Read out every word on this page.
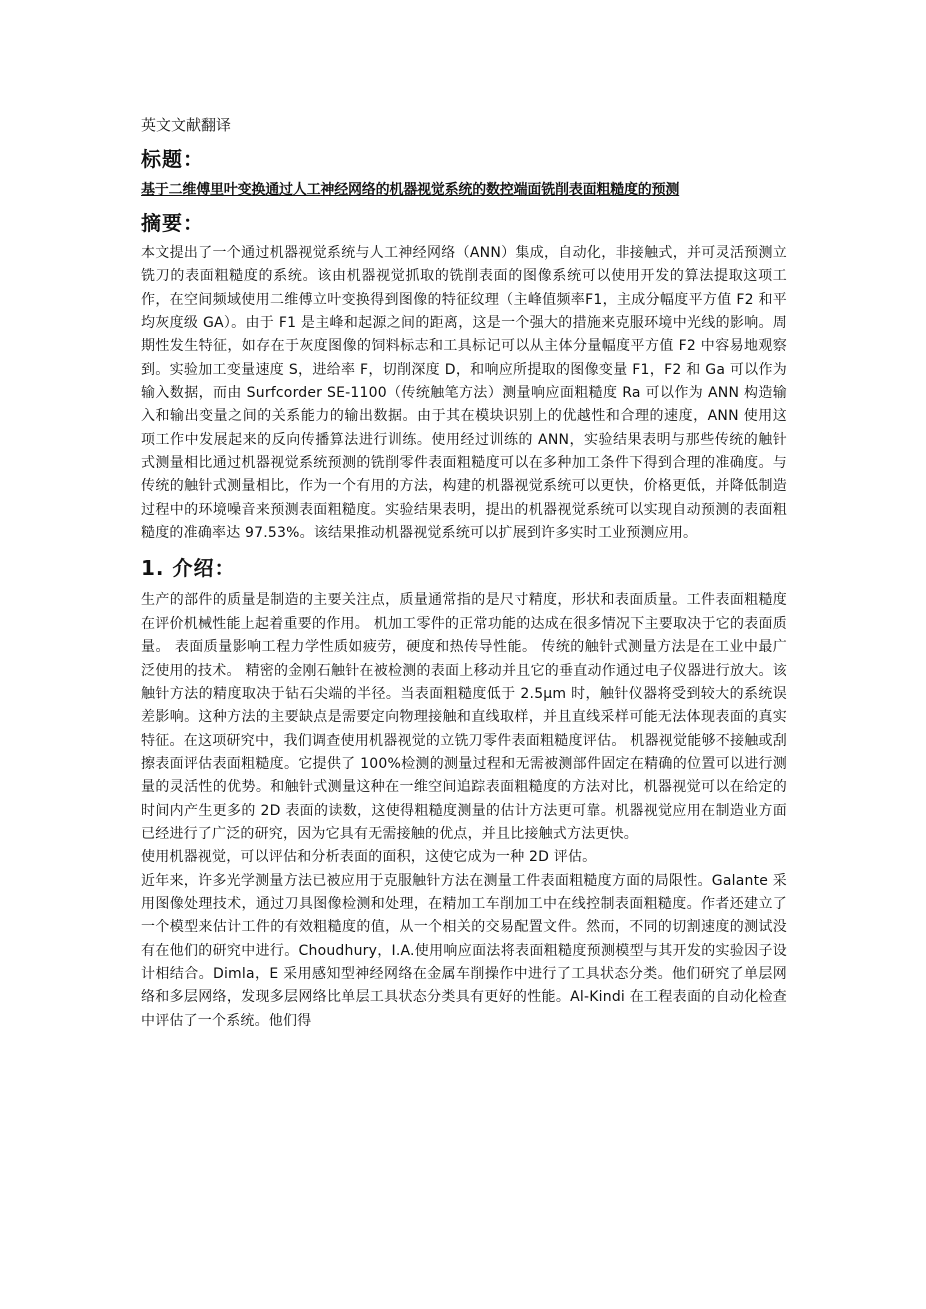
英文文献翻译

标题：

基于二维傅里叶变换通过人工神经网络的机器视觉系统的数控端面铣削表面粗糙度的预测

摘要：

本文提出了一个通过机器视觉系统与人工神经网络（ANN）集成，自动化，非接触式，并可灵活预测立铣刀的表面粗糙度的系统。该由机器视觉抓取的铣削表面的图像系统可以使用开发的算法提取这项工作，在空间频域使用二维傅立叶变换得到图像的特征纹理（主峰值频率F1，主成分幅度平方值 F2 和平均灰度级 GA）。由于 F1 是主峰和起源之间的距离，这是一个强大的措施来克服环境中光线的影响。周期性发生特征，如存在于灰度图像的饲料标志和工具标记可以从主体分量幅度平方值 F2 中容易地观察到。实验加工变量速度 S，进给率 F，切削深度 D，和响应所提取的图像变量 F1，F2 和 Ga 可以作为输入数据，而由 Surfcorder SE-1100（传统触笔方法）测量响应面粗糙度 Ra 可以作为 ANN 构造输入和输出变量之间的关系能力的输出数据。由于其在模块识别上的优越性和合理的速度，ANN 使用这项工作中发展起来的反向传播算法进行训练。使用经过训练的 ANN，实验结果表明与那些传统的触针式测量相比通过机器视觉系统预测的铣削零件表面粗糙度可以在多种加工条件下得到合理的准确度。与传统的触针式测量相比，作为一个有用的方法，构建的机器视觉系统可以更快，价格更低，并降低制造过程中的环境噪音来预测表面粗糙度。实验结果表明，提出的机器视觉系统可以实现自动预测的表面粗糙度的准确率达 97.53%。该结果推动机器视觉系统可以扩展到许多实时工业预测应用。

1. 介绍：

生产的部件的质量是制造的主要关注点，质量通常指的是尺寸精度，形状和表面质量。工件表面粗糙度在评价机械性能上起着重要的作用。 机加工零件的正常功能的达成在很多情况下主要取决于它的表面质量。 表面质量影响工程力学性质如疲劳，硬度和热传导性能。 传统的触针式测量方法是在工业中最广泛使用的技术。 精密的金刚石触针在被检测的表面上移动并且它的垂直动作通过电子仪器进行放大。该触针方法的精度取决于钻石尖端的半径。当表面粗糙度低于 2.5μm 时，触针仪器将受到较大的系统误差影响。这种方法的主要缺点是需要定向物理接触和直线取样，并且直线采样可能无法体现表面的真实特征。在这项研究中，我们调查使用机器视觉的立铣刀零件表面粗糙度评估。 机器视觉能够不接触或刮擦表面评估表面粗糙度。它提供了 100%检测的测量过程和无需被测部件固定在精确的位置可以进行测量的灵活性的优势。和触针式测量这种在一维空间追踪表面粗糙度的方法对比，机器视觉可以在给定的时间内产生更多的 2D 表面的读数，这使得粗糙度测量的估计方法更可靠。机器视觉应用在制造业方面已经进行了广泛的研究，因为它具有无需接触的优点，并且比接触式方法更快。

使用机器视觉，可以评估和分析表面的面积，这使它成为一种 2D 评估。

近年来，许多光学测量方法已被应用于克服触针方法在测量工件表面粗糙度方面的局限性。Galante 采用图像处理技术，通过刀具图像检测和处理，在精加工车削加工中在线控制表面粗糙度。作者还建立了一个模型来估计工件的有效粗糙度的值，从一个相关的交易配置文件。然而，不同的切割速度的测试没有在他们的研究中进行。Choudhury，I.A.使用响应面法将表面粗糙度预测模型与其开发的实验因子设计相结合。Dimla，E 采用感知型神经网络在金属车削操作中进行了工具状态分类。他们研究了单层网络和多层网络，发现多层网络比单层工具状态分类具有更好的性能。Al-Kindi 在工程表面的自动化检查中评估了一个系统。他们得
